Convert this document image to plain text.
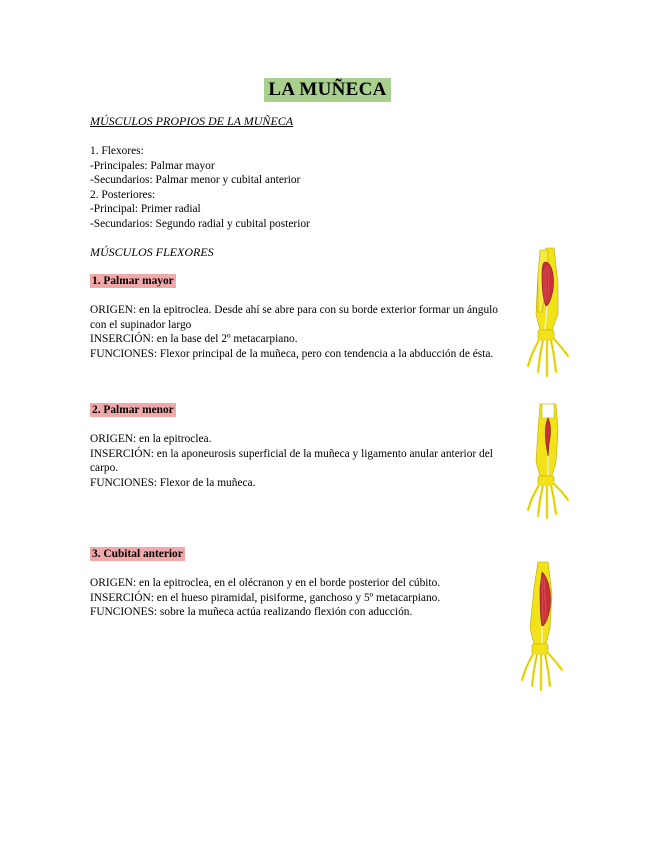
LA MUÑECA
MÚSCULOS PROPIOS DE LA MUÑECA
1. Flexores:
-Principales: Palmar mayor
-Secundarios: Palmar menor y cubital anterior
2. Posteriores:
-Principal: Primer radial
-Secundarios: Segundo radial y cubital posterior
MÚSCULOS FLEXORES
1. Palmar mayor
ORIGEN: en la epitroclea. Desde ahí se abre para con su borde exterior formar un ángulo con el supinador largo
INSERCIÓN: en la base del 2º metacarpiano.
FUNCIONES: Flexor principal de la muñeca, pero con tendencia a la abducción de ésta.
2. Palmar menor
ORIGEN: en la epitroclea.
INSERCIÓN: en la aponeurosis superficial de la muñeca y ligamento anular anterior del carpo.
FUNCIONES: Flexor de la muñeca.
3. Cubital anterior
ORIGEN: en la epitroclea, en el olécranon y en el borde posterior del cúbito.
INSERCIÓN: en el hueso piramidal, pisiforme, ganchoso y 5º metacarpiano.
FUNCIONES: sobre la muñeca actúa realizando flexión con aducción.
